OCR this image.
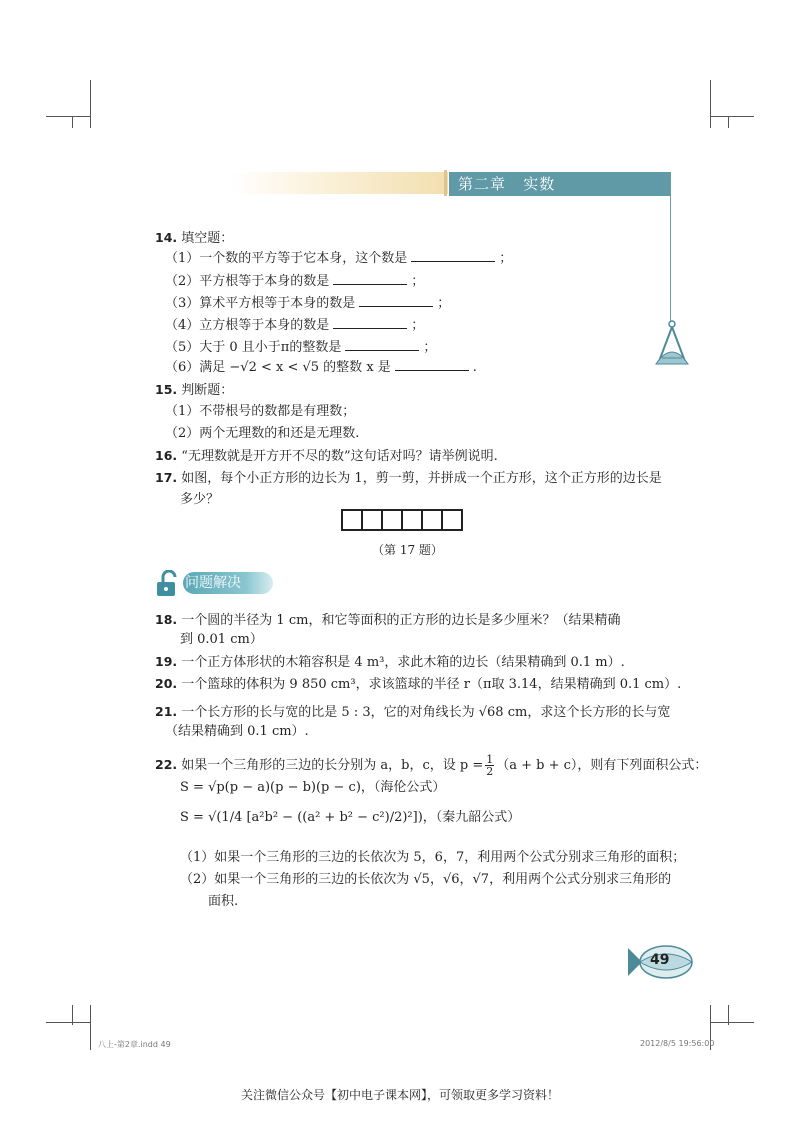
第二章   实数
14. 填空题：
（1）一个数的平方等于它本身，这个数是	；
（2）平方根等于本身的数是	；
（3）算术平方根等于本身的数是	；
（4）立方根等于本身的数是	；
（5）大于 0 且小于π的整数是	；
（6）满足 −√2 < x < √5 的整数 x 是	.
15. 判断题：
（1）不带根号的数都是有理数；
（2）两个无理数的和还是无理数.
16. “无理数就是开方开不尽的数”这句话对吗？请举例说明.
17. 如图，每个小正方形的边长为 1，剪一剪，并拼成一个正方形，这个正方形的边长是
多少？
（第 17 题）
问题解决
18. 一个圆的半径为 1 cm，和它等面积的正方形的边长是多少厘米？（结果精确
到 0.01 cm）
19. 一个正方体形状的木箱容积是 4 m³，求此木箱的边长（结果精确到 0.1 m）.
20. 一个篮球的体积为 9 850 cm³，求该篮球的半径 r（π取 3.14，结果精确到 0.1 cm）.
21. 一个长方形的长与宽的比是 5 : 3，它的对角线长为 √68 cm，求这个长方形的长与宽
（结果精确到 0.1 cm）.
22. 如果一个三角形的三边的长分别为 a，b，c，设 $p = \frac{1}{2} (a + b + c)$，则有下列面积公式：
S = √p(p − a)(p − b)(p − c)，（海伦公式）
S = √(1/4 [a²b² − ((a² + b² − c²)/2)²])，（秦九韶公式）
（1）如果一个三角形的三边的长依次为 5，6，7，利用两个公式分别求三角形的面积；
（2）如果一个三角形的三边的长依次为 √5，√6，√7，利用两个公式分别求三角形的
面积.
49
八上-第2章.indd 49	2012/8/5 19:56:00
关注微信公众号【初中电子课本网】，可领取更多学习资料！
